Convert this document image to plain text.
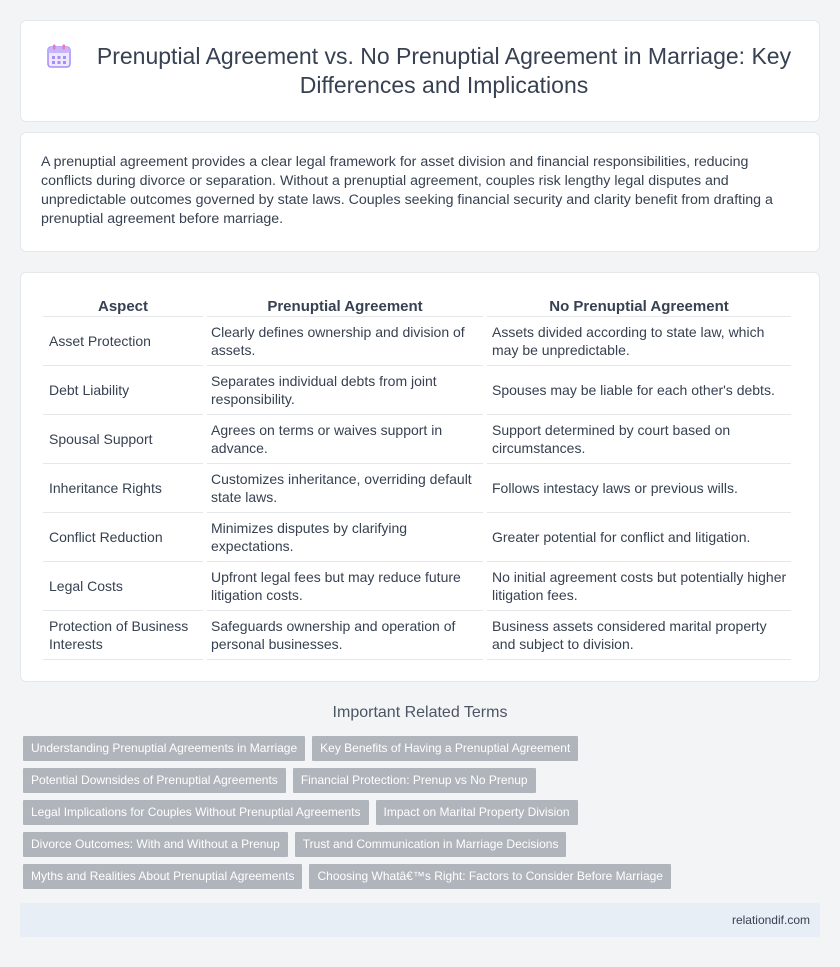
Prenuptial Agreement vs. No Prenuptial Agreement in Marriage: Key Differences and Implications

A prenuptial agreement provides a clear legal framework for asset division and financial responsibilities, reducing conflicts during divorce or separation. Without a prenuptial agreement, couples risk lengthy legal disputes and unpredictable outcomes governed by state laws. Couples seeking financial security and clarity benefit from drafting a prenuptial agreement before marriage.

Aspect	Prenuptial Agreement	No Prenuptial Agreement
Asset Protection	Clearly defines ownership and division of assets.	Assets divided according to state law, which may be unpredictable.
Debt Liability	Separates individual debts from joint responsibility.	Spouses may be liable for each other's debts.
Spousal Support	Agrees on terms or waives support in advance.	Support determined by court based on circumstances.
Inheritance Rights	Customizes inheritance, overriding default state laws.	Follows intestacy laws or previous wills.
Conflict Reduction	Minimizes disputes by clarifying expectations.	Greater potential for conflict and litigation.
Legal Costs	Upfront legal fees but may reduce future litigation costs.	No initial agreement costs but potentially higher litigation fees.
Protection of Business Interests	Safeguards ownership and operation of personal businesses.	Business assets considered marital property and subject to division.
Important Related Terms
Understanding Prenuptial Agreements in Marriage	Key Benefits of Having a Prenuptial Agreement
Potential Downsides of Prenuptial Agreements	Financial Protection: Prenup vs No Prenup
Legal Implications for Couples Without Prenuptial Agreements	Impact on Marital Property Division
Divorce Outcomes: With and Without a Prenup	Trust and Communication in Marriage Decisions
Myths and Realities About Prenuptial Agreements	Choosing Whatâ€™s Right: Factors to Consider Before Marriage
relationdif.com
